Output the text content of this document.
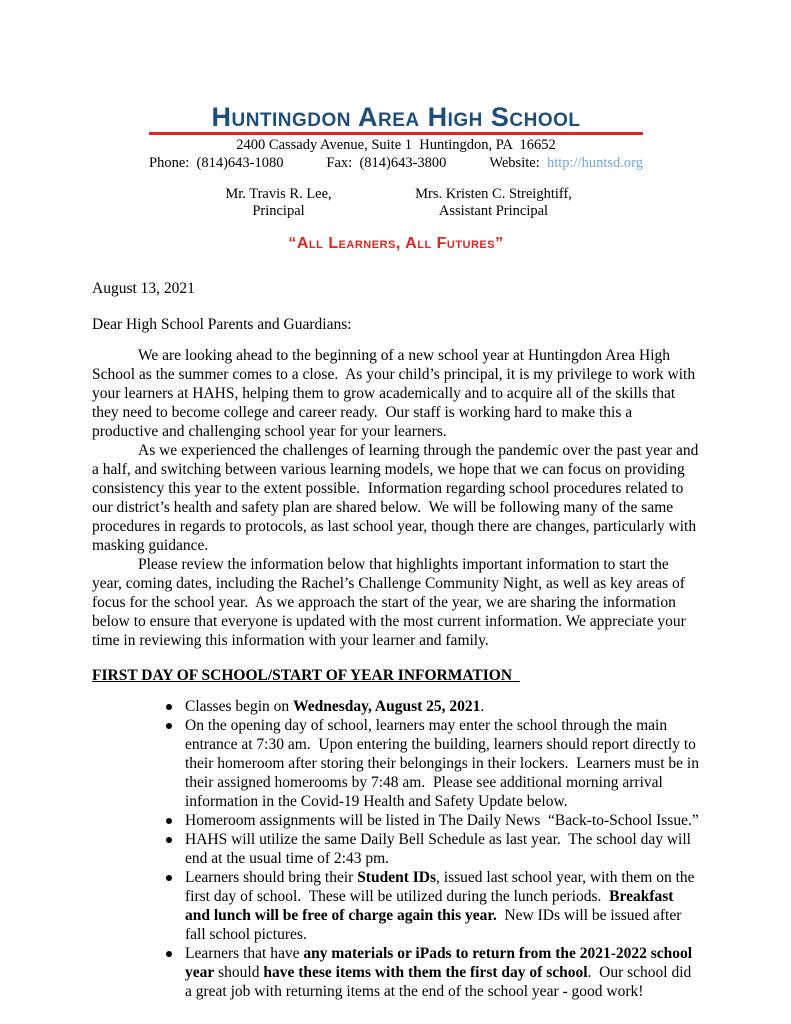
Huntingdon Area High School
2400 Cassady Avenue, Suite 1  Huntingdon, PA  16652
Phone:  (814)643-1080	Fax:  (814)643-3800	Website:  http://huntsd.org
Mr. Travis R. Lee,
Principal
Mrs. Kristen C. Streightiff,
Assistant Principal
“All Learners, All Futures”
August 13, 2021
Dear High School Parents and Guardians:

We are looking ahead to the beginning of a new school year at Huntingdon Area High School as the summer comes to a close.  As your child’s principal, it is my privilege to work with your learners at HAHS, helping them to grow academically and to acquire all of the skills that they need to become college and career ready.  Our staff is working hard to make this a productive and challenging school year for your learners.

As we experienced the challenges of learning through the pandemic over the past year and a half, and switching between various learning models, we hope that we can focus on providing consistency this year to the extent possible.  Information regarding school procedures related to our district’s health and safety plan are shared below.  We will be following many of the same procedures in regards to protocols, as last school year, though there are changes, particularly with masking guidance.

Please review the information below that highlights important information to start the year, coming dates, including the Rachel’s Challenge Community Night, as well as key areas of focus for the school year.  As we approach the start of the year, we are sharing the information below to ensure that everyone is updated with the most current information. We appreciate your time in reviewing this information with your learner and family.

FIRST DAY OF SCHOOL/START OF YEAR INFORMATION
Classes begin on Wednesday, August 25, 2021.
On the opening day of school, learners may enter the school through the main entrance at 7:30 am.  Upon entering the building, learners should report directly to their homeroom after storing their belongings in their lockers.  Learners must be in their assigned homerooms by 7:48 am.  Please see additional morning arrival information in the Covid-19 Health and Safety Update below.
Homeroom assignments will be listed in The Daily News  “Back-to-School Issue.”
HAHS will utilize the same Daily Bell Schedule as last year.  The school day will end at the usual time of 2:43 pm.
Learners should bring their Student IDs, issued last school year, with them on the first day of school.  These will be utilized during the lunch periods.  Breakfast and lunch will be free of charge again this year.  New IDs will be issued after fall school pictures.
Learners that have any materials or iPads to return from the 2021-2022 school year should have these items with them the first day of school.  Our school did a great job with returning items at the end of the school year - good work!
